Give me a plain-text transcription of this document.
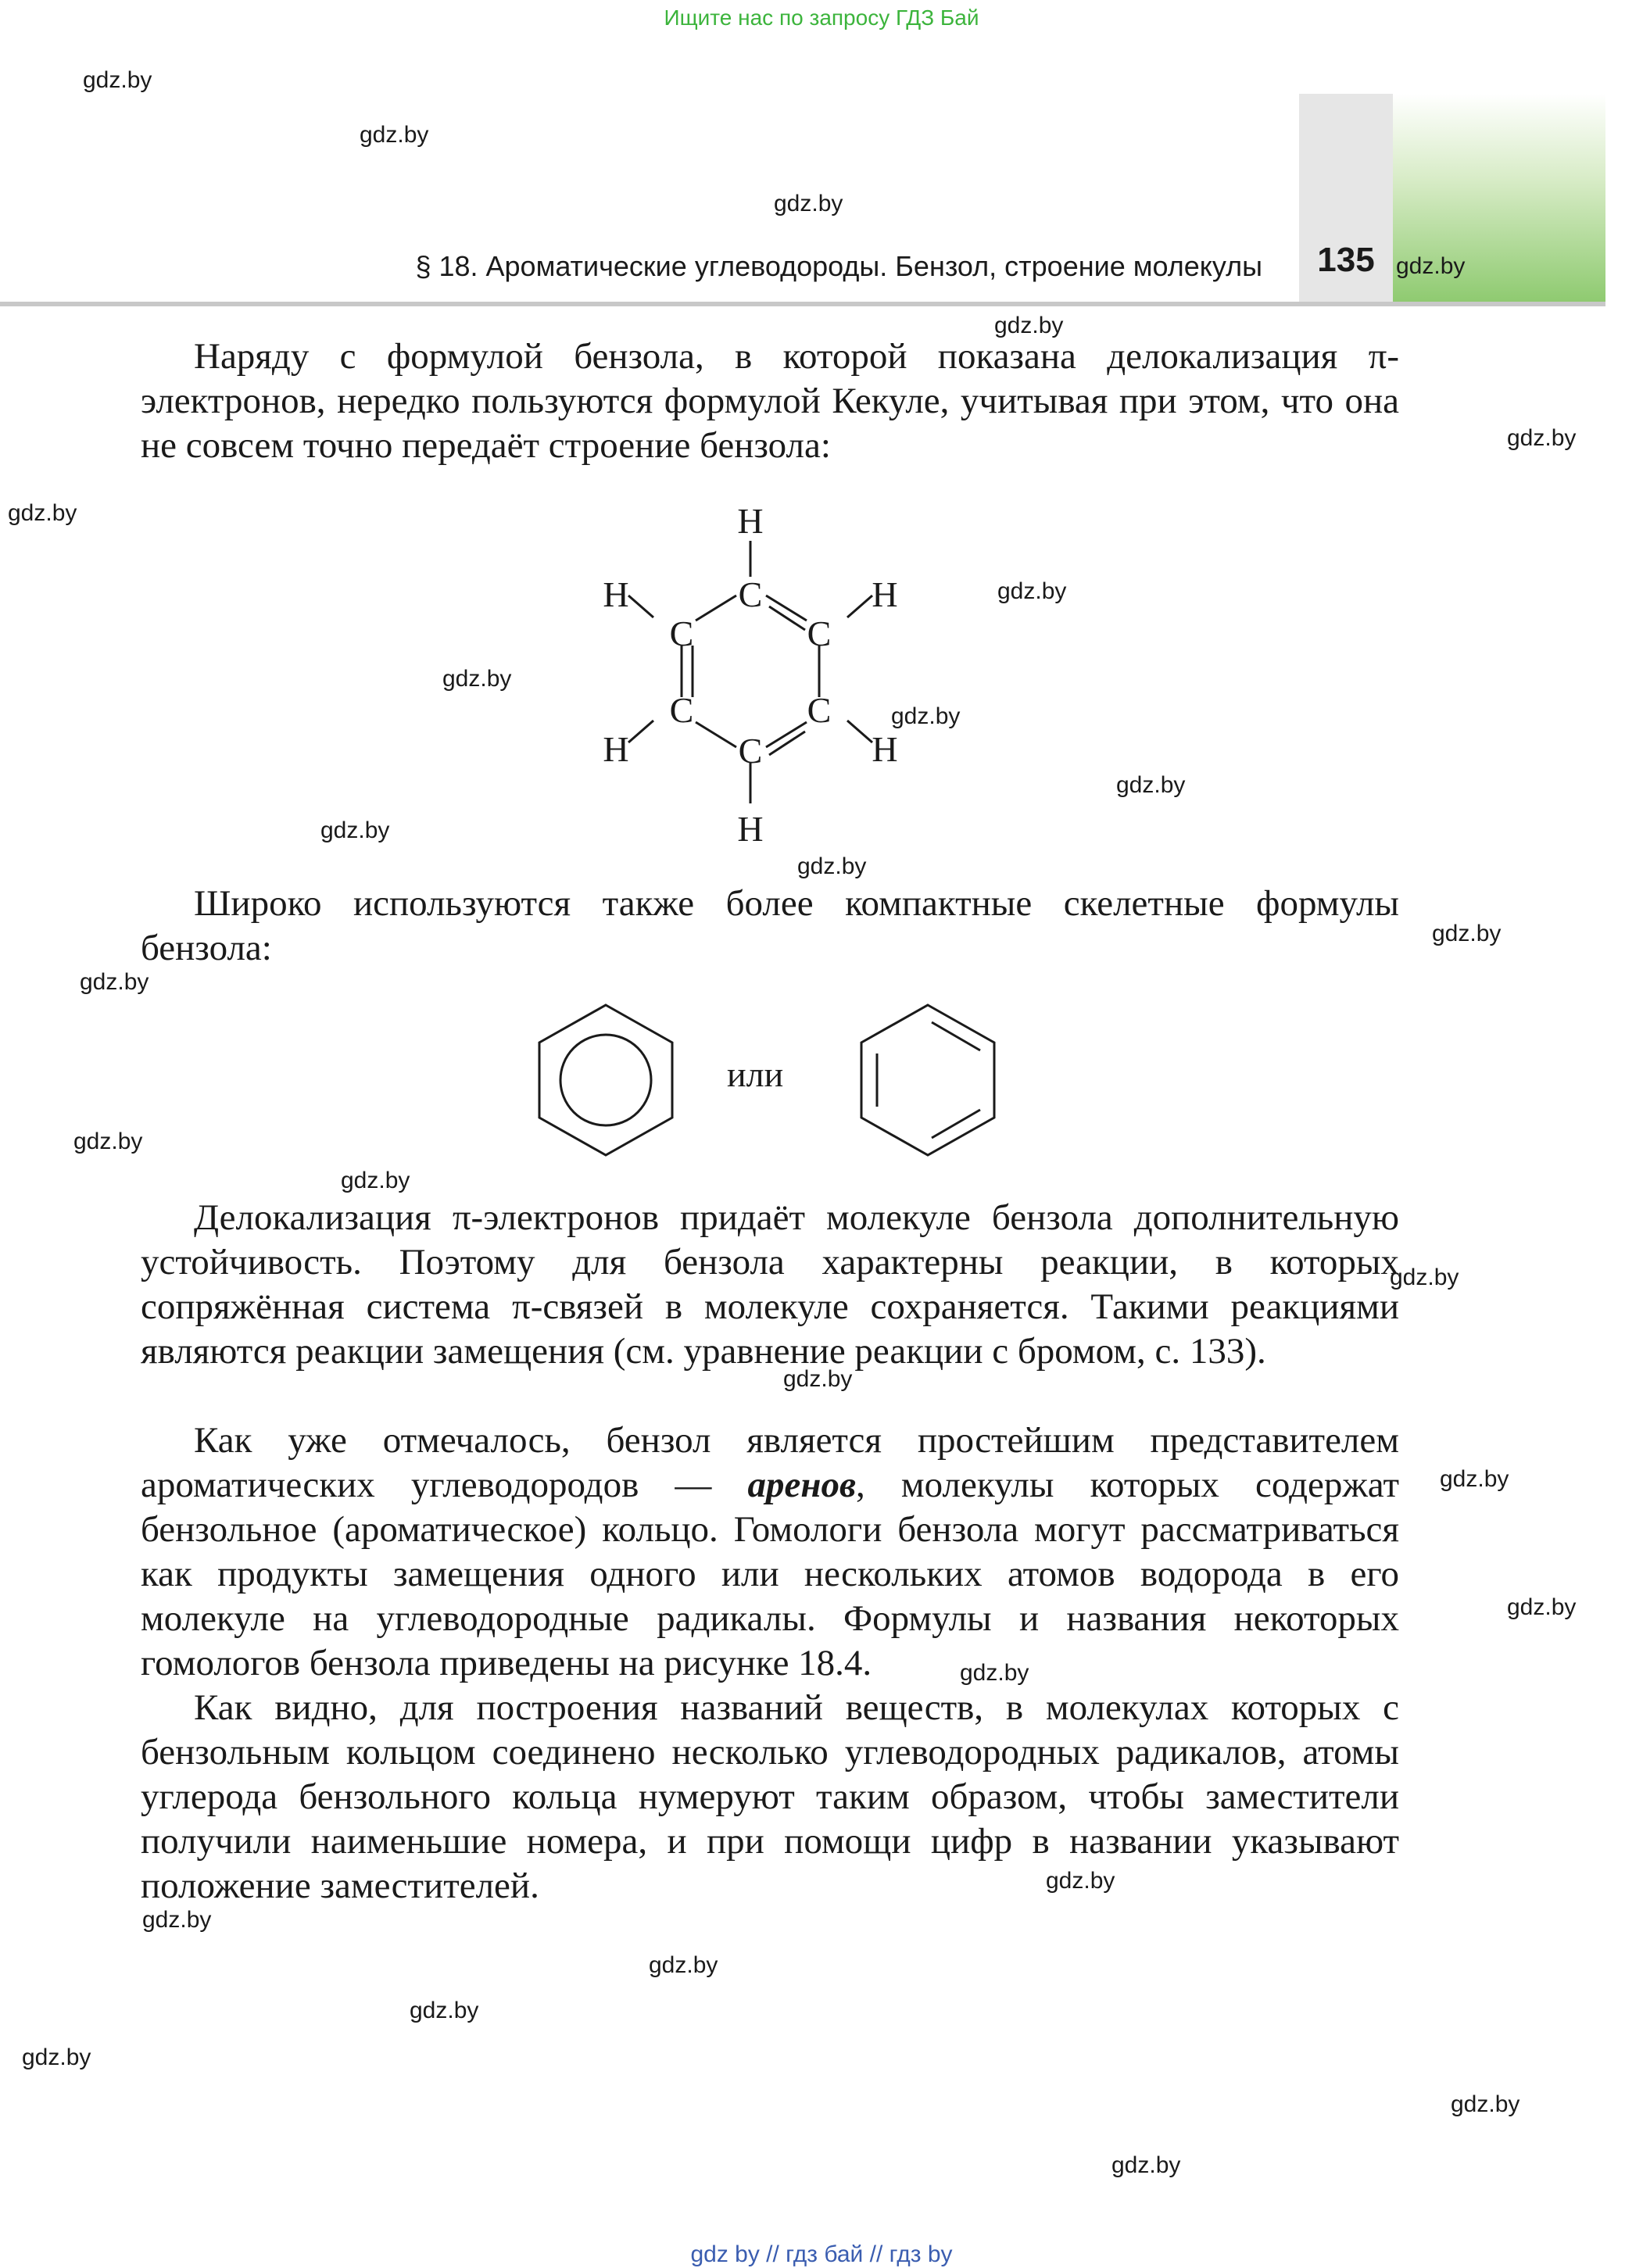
Ищите нас по запросу ГДЗ Бай
§ 18. Ароматические углеводороды. Бензол, строение молекулы	135

Наряду с формулой бензола, в которой показана делокализация π-электронов, нередко пользуются формулой Кекуле, учитывая при этом, что она не совсем точно передаёт строение бензола:

H
C
H	H
C	C
C	C
H	H
C
H

Широко используются также более компактные скелетные формулы бензола:

или

Делокализация π-электронов придаёт молекуле бензола дополнительную устойчивость. Поэтому для бензола характерны реакции, в которых сопряжённая система π-связей в молекуле сохраняется. Такими реакциями являются реакции замещения (см. уравнение реакции с бромом, с. 133).

Как уже отмечалось, бензол является простейшим представителем ароматических углеводородов — аренов, молекулы которых содержат бензольное (ароматическое) кольцо. Гомологи бензола могут рассматриваться как продукты замещения одного или нескольких атомов водорода в его молекуле на углеводородные радикалы. Формулы и названия некоторых гомологов бензола приведены на рисунке 18.4.

Как видно, для построения названий веществ, в молекулах которых с бензольным кольцом соединено несколько углеводородных радикалов, атомы углерода бензольного кольца нумеруют таким образом, чтобы заместители получили наименьшие номера, и при помощи цифр в названии указывают положение заместителей.

gdz.by
gdz.by
gdz.by
gdz.by
gdz.by
gdz.by
gdz.by
gdz.by
gdz.by
gdz.by
gdz.by
gdz.by
gdz.by
gdz.by
gdz.by
gdz.by
gdz.by
gdz.by
gdz.by
gdz.by
gdz.by
gdz.by
gdz.by
gdz.by
gdz.by
gdz.by
gdz.by
gdz.by
gdz.by
gdz by // гдз бай // гдз by
